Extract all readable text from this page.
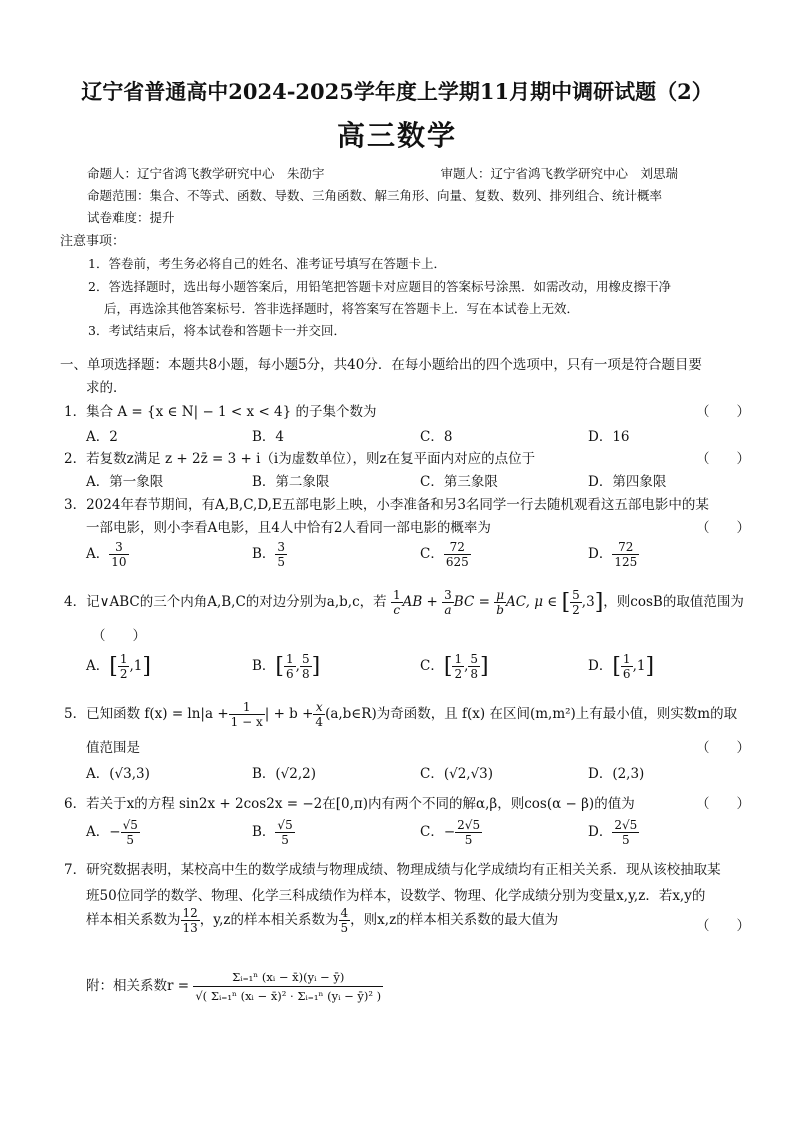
辽宁省普通高中2024-2025学年度上学期11月期中调研试题（2）
高三数学
命题人：辽宁省鸿飞教学研究中心　朱劭宇	审题人：辽宁省鸿飞教学研究中心　刘思瑞
命题范围：集合、不等式、函数、导数、三角函数、解三角形、向量、复数、数列、排列组合、统计概率
试卷难度：提升
注意事项：
1．答卷前，考生务必将自己的姓名、准考证号填写在答题卡上．
2．答选择题时，选出每小题答案后，用铅笔把答题卡对应题目的答案标号涂黑．如需改动，用橡皮擦干净
后，再选涂其他答案标号．答非选择题时，将答案写在答题卡上．写在本试卷上无效．
3．考试结束后，将本试卷和答题卡一并交回．
一、单项选择题：本题共8小题，每小题5分，共40分．在每小题给出的四个选项中，只有一项是符合题目要
求的．
1．集合 A = {x ∈ N| − 1 < x < 4} 的子集个数为	（　　）
A．2	B．4	C．8	D．16
2．若复数z满足 z + 2z̄ = 3 + i（i为虚数单位），则z在复平面内对应的点位于	（　　）
A．第一象限	B．第二象限	C．第三象限	D．第四象限
3．2024年春节期间，有A,B,C,D,E五部电影上映，小李准备和另3名同学一行去随机观看这五部电影中的某
一部电影，则小李看A电影，且4人中恰有2人看同一部电影的概率为	（　　）
A． $\frac{3}{10}$	B． $\frac{3}{5}$	C． $\frac{72}{625}$	D． $\frac{72}{125}$
4．记∨ABC的三个内角A,B,C的对边分别为a,b,c，若 $\frac{1}{c}$ AB + $\frac{3}{a}$ BC = $\frac{\mu}{b}$ AC, μ ∈ [ $\frac{5}{2} ,3$]，则cosB的取值范围为
（　　）
A．[ $\frac{1}{2} ,1$]	B．[ $\frac{1}{6}$ , $\frac{5}{8}$ ]	C．[ $\frac{1}{2}$ , $\frac{5}{8}$ ]	D．[ $\frac{1}{6} ,1$]
5．已知函数 $f(x) = \ln|a + \frac{1}{1 - x}$ | + $b + \frac{x}{4}$ (a,b∈R)为奇函数，且 f(x) 在区间(m,m²)上有最小值，则实数m的取
值范围是	（　　）
A．(√3,3)	B．(√2,2)	C．(√2,√3)	D．(2,3)
6．若关于x的方程 sin2x + 2cos2x = −2在[0,π)内有两个不同的解α,β，则cos(α − β)的值为	（　　）
A．− $\frac{√5}{5}$	B． $\frac{√5}{5}$	C．− $\frac{2√5}{5}$	D． $\frac{2√5}{5}$
7．研究数据表明，某校高中生的数学成绩与物理成绩、物理成绩与化学成绩均有正相关关系．现从该校抽取某
班50位同学的数学、物理、化学三科成绩作为样本，设数学、物理、化学成绩分别为变量x,y,z．若x,y的
样本相关系数为 $\frac{12}{13}$ ，y,z的样本相关系数为 $\frac{4}{5}$ ，则x,z的样本相关系数的最大值为	（　　）
附：相关系数$r = \frac{\text{Σᵢ₌₁ⁿ (xᵢ − x̄)(yᵢ − ȳ)}}{\text{√( Σᵢ₌₁ⁿ (xᵢ − x̄)² · Σᵢ₌₁ⁿ (yᵢ − ȳ)² )}}$
